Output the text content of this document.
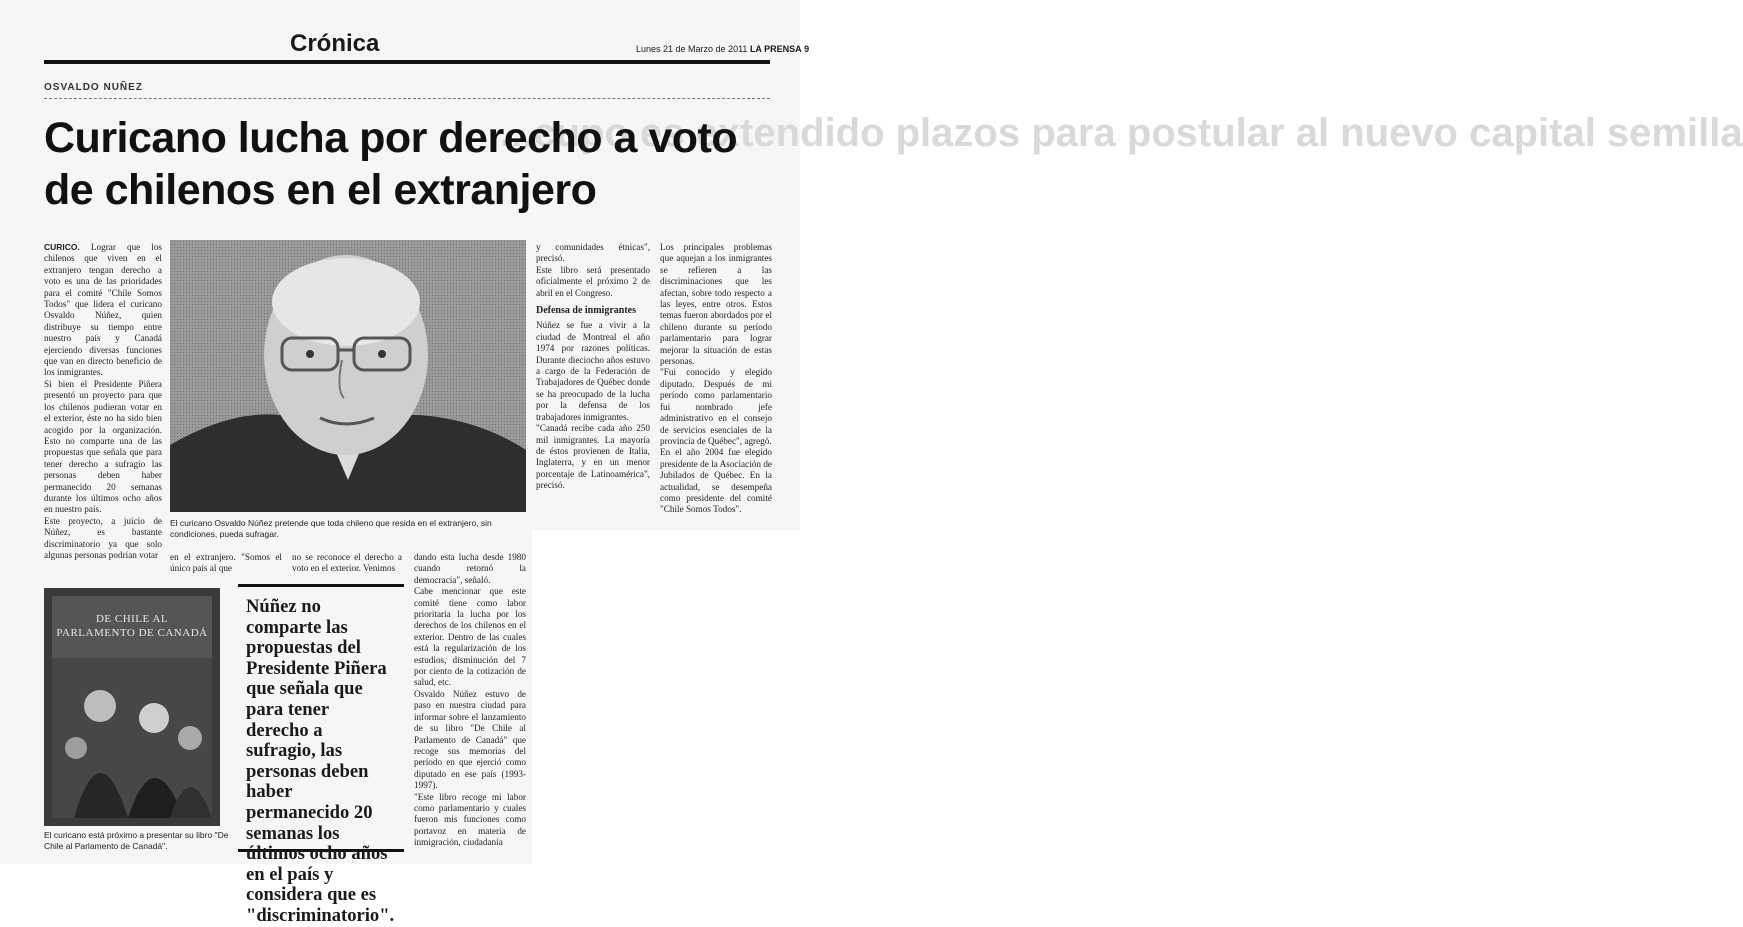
...cupo es extendido plazos para postular al nuevo capital semilla
Crónica	Lunes 21 de Marzo de 2011 LA PRENSA 9
OSVALDO NUÑEZ
Curicano lucha por derecho a voto de chilenos en el extranjero

CURICO. Lograr que los chilenos que viven en el extranjero tengan derecho a voto es una de las prioridades para el comité "Chile Somos Todos" que lidera el curicano Osvaldo Núñez, quien distribuye su tiempo entre nuestro país y Canadá ejerciendo diversas funciones que van en directo beneficio de los inmigrantes.

Si bien el Presidente Piñera presentó un proyecto para que los chilenos pudieran votar en el exterior, éste no ha sido bien acogido por la organización. Esto no comparte una de las propuestas que señala que para tener derecho a sufragio las personas deben haber permanecido 20 semanas durante los últimos ocho años en nuestro país.

Este proyecto, a juicio de Núñez, es bastante discriminatorio ya que solo algunas personas podrían votar

El curicano Osvaldo Núñez pretende que toda chileno que resida en el extranjero, sin condiciones, pueda sufragar.

y comunidades étnicas", precisó.

Este libro será presentado oficialmente el próximo 2 de abril en el Congreso.

Defensa de inmigrantes

Núñez se fue a vivir a la ciudad de Montreal el año 1974 por razones políticas. Durante dieciocho años estuvo a cargo de la Federación de Trabajadores de Québec donde se ha preocupado de la lucha por la defensa de los trabajadores inmigrantes.

"Canadá recibe cada año 250 mil inmigrantes. La mayoría de éstos provienen de Italia, Inglaterra, y en un menor porcentaje de Latinoamérica", precisó.

Los principales problemas que aquejan a los inmigrantes se refieren a las discriminaciones que les afectan, sobre todo respecto a las leyes, entre otros. Estos temas fueron abordados por el chileno durante su período parlamentario para lograr mejorar la situación de estas personas.

"Fui conocido y elegido diputado. Después de mi período como parlamentario fui nombrado jefe administrativo en el consejo de servicios esenciales de la provincia de Québec", agregó.

En el año 2004 fue elegido presidente de la Asociación de Jubilados de Québec. En la actualidad, se desempeña como presidente del comité "Chile Somos Todos".

en el extranjero. "Somos el único país al que
no se reconoce el derecho a voto en el exterior. Venimos

dando esta lucha desde 1980 cuando retornó la democracia", señaló.

Cabe mencionar que este comité tiene como labor prioritaria la lucha por los derechos de los chilenos en el exterior. Dentro de las cuales está la regularización de los estudios, disminución del 7 por ciento de la cotización de salud, etc.

Osvaldo Núñez estuvo de paso en nuestra ciudad para informar sobre el lanzamiento de su libro "De Chile al Parlamento de Canadá" que recoge sus memorias del período en que ejerció como diputado en ese país (1993-1997).

"Este libro recoge mi labor como parlamentario y cuales fueron mis funciones como portavoz en materia de inmigración, ciudadanía

DE CHILE AL PARLAMENTO DE CANADÁ
El curicano está próximo a presentar su libro "De Chile al Parlamento de Canadá".
Núñez no comparte las propuestas del Presidente Piñera que señala que para tener derecho a sufragio, las personas deben haber permanecido 20 semanas los últimos ocho años en el país y considera que es "discriminatorio".
